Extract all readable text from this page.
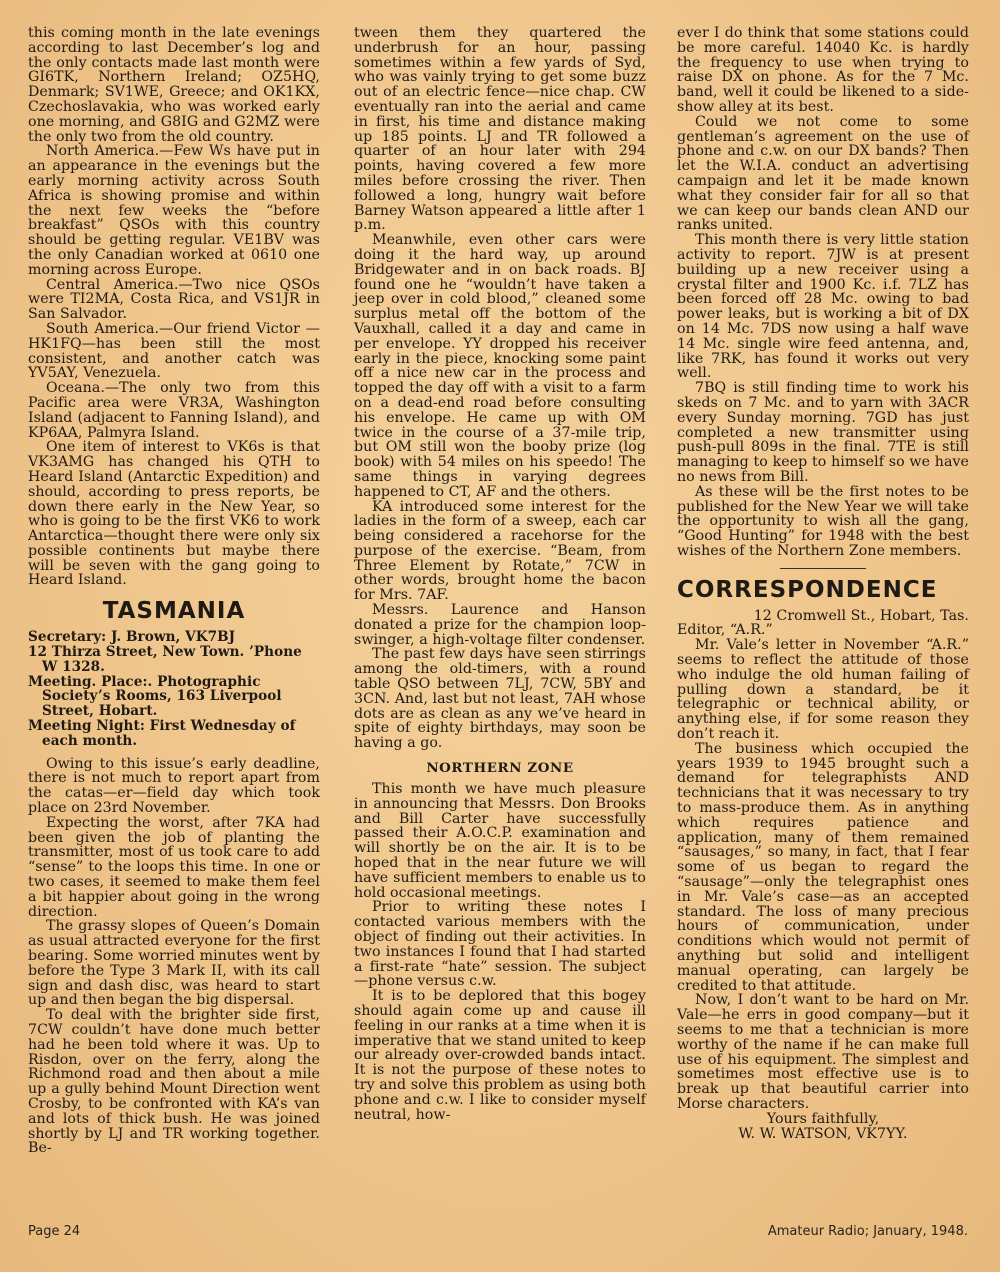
this coming month in the late evenings according to last December’s log and the only contacts made last month were GI6TK, Northern Ireland; OZ5HQ, Denmark; SV1WE, Greece; and OK1KX, Czechoslavakia, who was worked early one morning, and G8IG and G2MZ were the only two from the old country.

North America.—Few Ws have put in an appearance in the evenings but the early morning activity across South Africa is showing promise and within the next few weeks the “before breakfast” QSOs with this country should be getting regular. VE1BV was the only Canadian worked at 0610 one morning across Europe.

Central America.—Two nice QSOs were TI2MA, Costa Rica, and VS1JR in San Salvador.

South America.—Our friend Victor —HK1FQ—has been still the most consistent, and another catch was YV5AY, Venezuela.

Oceana.—The only two from this Pacific area were VR3A, Washington Island (adjacent to Fanning Island), and KP6AA, Palmyra Island.

One item of interest to VK6s is that VK3AMG has changed his QTH to Heard Island (Antarctic Expedition) and should, according to press reports, be down there early in the New Year, so who is going to be the first VK6 to work Antarctica—thought there were only six possible continents but maybe there will be seven with the gang going to Heard Island.

TASMANIA

Secretary: J. Brown, VK7BJ

12 Thirza Street, New Town. ’Phone W 1328.

Meeting. Place:. Photographic Society’s Rooms, 163 Liverpool Street, Hobart.

Meeting Night: First Wednesday of each month.

Owing to this issue’s early deadline, there is not much to report apart from the catas—er—field day which took place on 23rd November.

Expecting the worst, after 7KA had been given the job of planting the transmitter, most of us took care to add “sense” to the loops this time. In one or two cases, it seemed to make them feel a bit happier about going in the wrong direction.

The grassy slopes of Queen’s Domain as usual attracted everyone for the first bearing. Some worried minutes went by before the Type 3 Mark II, with its call sign and dash disc, was heard to start up and then began the big dispersal.

To deal with the brighter side first, 7CW couldn’t have done much better had he been told where it was. Up to Risdon, over on the ferry, along the Richmond road and then about a mile up a gully behind Mount Direction went Crosby, to be confronted with KA’s van and lots of thick bush. He was joined shortly by LJ and TR working together. Be-

tween them they quartered the underbrush for an hour, passing sometimes within a few yards of Syd, who was vainly trying to get some buzz out of an electric fence—nice chap. CW eventually ran into the aerial and came in first, his time and distance making up 185 points. LJ and TR followed a quarter of an hour later with 294 points, having covered a few more miles before crossing the river. Then followed a long, hungry wait before Barney Watson appeared a little after 1 p.m.

Meanwhile, even other cars were doing it the hard way, up around Bridgewater and in on back roads. BJ found one he “wouldn’t have taken a jeep over in cold blood,” cleaned some surplus metal off the bottom of the Vauxhall, called it a day and came in per envelope. YY dropped his receiver early in the piece, knocking some paint off a nice new car in the process and topped the day off with a visit to a farm on a dead-end road before consulting his envelope. He came up with OM twice in the course of a 37-mile trip, but OM still won the booby prize (log book) with 54 miles on his speedo! The same things in varying degrees happened to CT, AF and the others.

KA introduced some interest for the ladies in the form of a sweep, each car being considered a racehorse for the purpose of the exercise. “Beam, from Three Element by Rotate,” 7CW in other words, brought home the bacon for Mrs. 7AF.

Messrs. Laurence and Hanson donated a prize for the champion loop-swinger, a high-voltage filter condenser.

The past few days have seen stirrings among the old-timers, with a round table QSO between 7LJ, 7CW, 5BY and 3CN. And, last but not least, 7AH whose dots are as clean as any we’ve heard in spite of eighty birthdays, may soon be having a go.

NORTHERN ZONE

This month we have much pleasure in announcing that Messrs. Don Brooks and Bill Carter have successfully passed their A.O.C.P. examination and will shortly be on the air. It is to be hoped that in the near future we will have sufficient members to enable us to hold occasional meetings.

Prior to writing these notes I contacted various members with the object of finding out their activities. In two instances I found that I had started a first-rate “hate” session. The subject—phone versus c.w.

It is to be deplored that this bogey should again come up and cause ill feeling in our ranks at a time when it is imperative that we stand united to keep our already over-crowded bands intact. It is not the purpose of these notes to try and solve this problem as using both phone and c.w. I like to consider myself neutral, how-

ever I do think that some stations could be more careful. 14040 Kc. is hardly the frequency to use when trying to raise DX on phone. As for the 7 Mc. band, well it could be likened to a side-show alley at its best.

Could we not come to some gentleman’s agreement on the use of phone and c.w. on our DX bands? Then let the W.I.A. conduct an advertising campaign and let it be made known what they consider fair for all so that we can keep our bands clean AND our ranks united.

This month there is very little station activity to report. 7JW is at present building up a new receiver using a crystal filter and 1900 Kc. i.f. 7LZ has been forced off 28 Mc. owing to bad power leaks, but is working a bit of DX on 14 Mc. 7DS now using a half wave 14 Mc. single wire feed antenna, and, like 7RK, has found it works out very well.

7BQ is still finding time to work his skeds on 7 Mc. and to yarn with 3ACR every Sunday morning. 7GD has just completed a new transmitter using push-pull 809s in the final. 7TE is still managing to keep to himself so we have no news from Bill.

As these will be the first notes to be published for the New Year we will take the opportunity to wish all the gang, “Good Hunting” for 1948 with the best wishes of the Northern Zone members.

CORRESPONDENCE

12 Cromwell St., Hobart, Tas.

Editor, “A.R.”

Mr. Vale’s letter in November “A.R.” seems to reflect the attitude of those who indulge the old human failing of pulling down a standard, be it telegraphic or technical ability, or anything else, if for some reason they don’t reach it.

The business which occupied the years 1939 to 1945 brought such a demand for telegraphists AND technicians that it was necessary to try to mass-produce them. As in anything which requires patience and application, many of them remained “sausages,” so many, in fact, that I fear some of us began to regard the “sausage”—only the telegraphist ones in Mr. Vale’s case—as an accepted standard. The loss of many precious hours of communication, under conditions which would not permit of anything but solid and intelligent manual operating, can largely be credited to that attitude.

Now, I don’t want to be hard on Mr. Vale—he errs in good company—but it seems to me that a technician is more worthy of the name if he can make full use of his equipment. The simplest and sometimes most effective use is to break up that beautiful carrier into Morse characters.

Yours faithfully,

W. W. WATSON, VK7YY.

Page 24	Amateur Radio; January, 1948.
